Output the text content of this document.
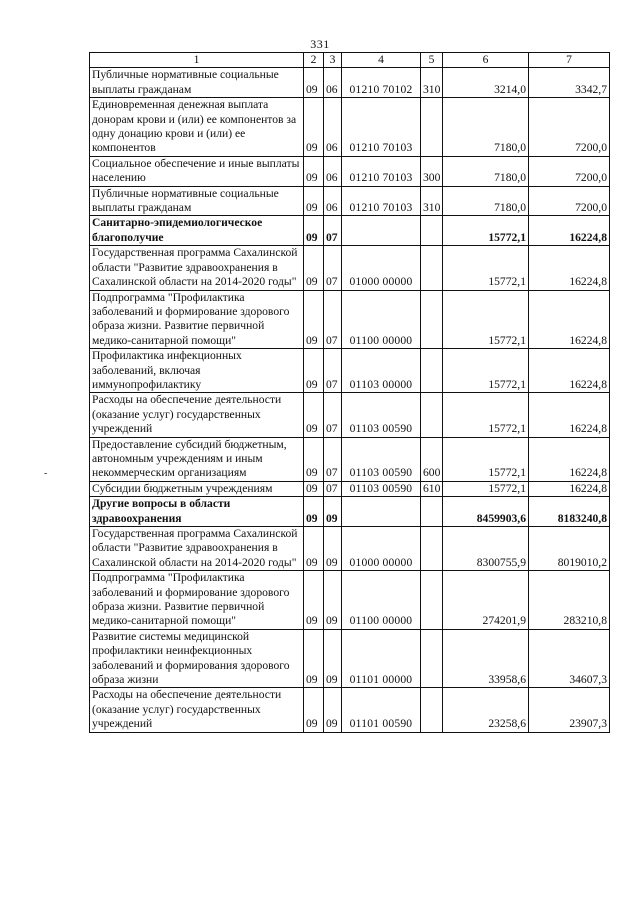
331
-
·
1	2	3	4	5	6	7
Публичные нормативные социальные выплаты гражданам	09	06	01210 70102	310	3214,0	3342,7
Единовременная денежная выплата донорам крови и (или) ее компонентов за одну донацию крови и (или) ее компонентов	09	06	01210 70103		7180,0	7200,0
Социальное обеспечение и иные выплаты населению	09	06	01210 70103	300	7180,0	7200,0
Публичные нормативные социальные выплаты гражданам	09	06	01210 70103	310	7180,0	7200,0
Санитарно-эпидемиологическое благополучие	09	07			15772,1	16224,8
Государственная программа Сахалинской области "Развитие здравоохранения в Сахалинской области на 2014-2020 годы"	09	07	01000 00000		15772,1	16224,8
Подпрограмма "Профилактика заболеваний и формирование здорового образа жизни. Развитие первичной медико-санитарной помощи"	09	07	01100 00000		15772,1	16224,8
Профилактика инфекционных заболеваний, включая иммунопрофилактику	09	07	01103 00000		15772,1	16224,8
Расходы на обеспечение деятельности (оказание услуг) государственных учреждений	09	07	01103 00590		15772,1	16224,8
Предоставление субсидий бюджетным, автономным учреждениям и иным некоммерческим организациям	09	07	01103 00590	600	15772,1	16224,8
Субсидии бюджетным учреждениям	09	07	01103 00590	610	15772,1	16224,8
Другие вопросы в области здравоохранения	09	09			8459903,6	8183240,8
Государственная программа Сахалинской области "Развитие здравоохранения в Сахалинской области на 2014-2020 годы"	09	09	01000 00000		8300755,9	8019010,2
Подпрограмма "Профилактика заболеваний и формирование здорового образа жизни. Развитие первичной медико-санитарной помощи"	09	09	01100 00000		274201,9	283210,8
Развитие системы медицинской профилактики неинфекционных заболеваний и формирования здорового образа жизни	09	09	01101 00000		33958,6	34607,3
Расходы на обеспечение деятельности (оказание услуг) государственных учреждений	09	09	01101 00590		23258,6	23907,3
